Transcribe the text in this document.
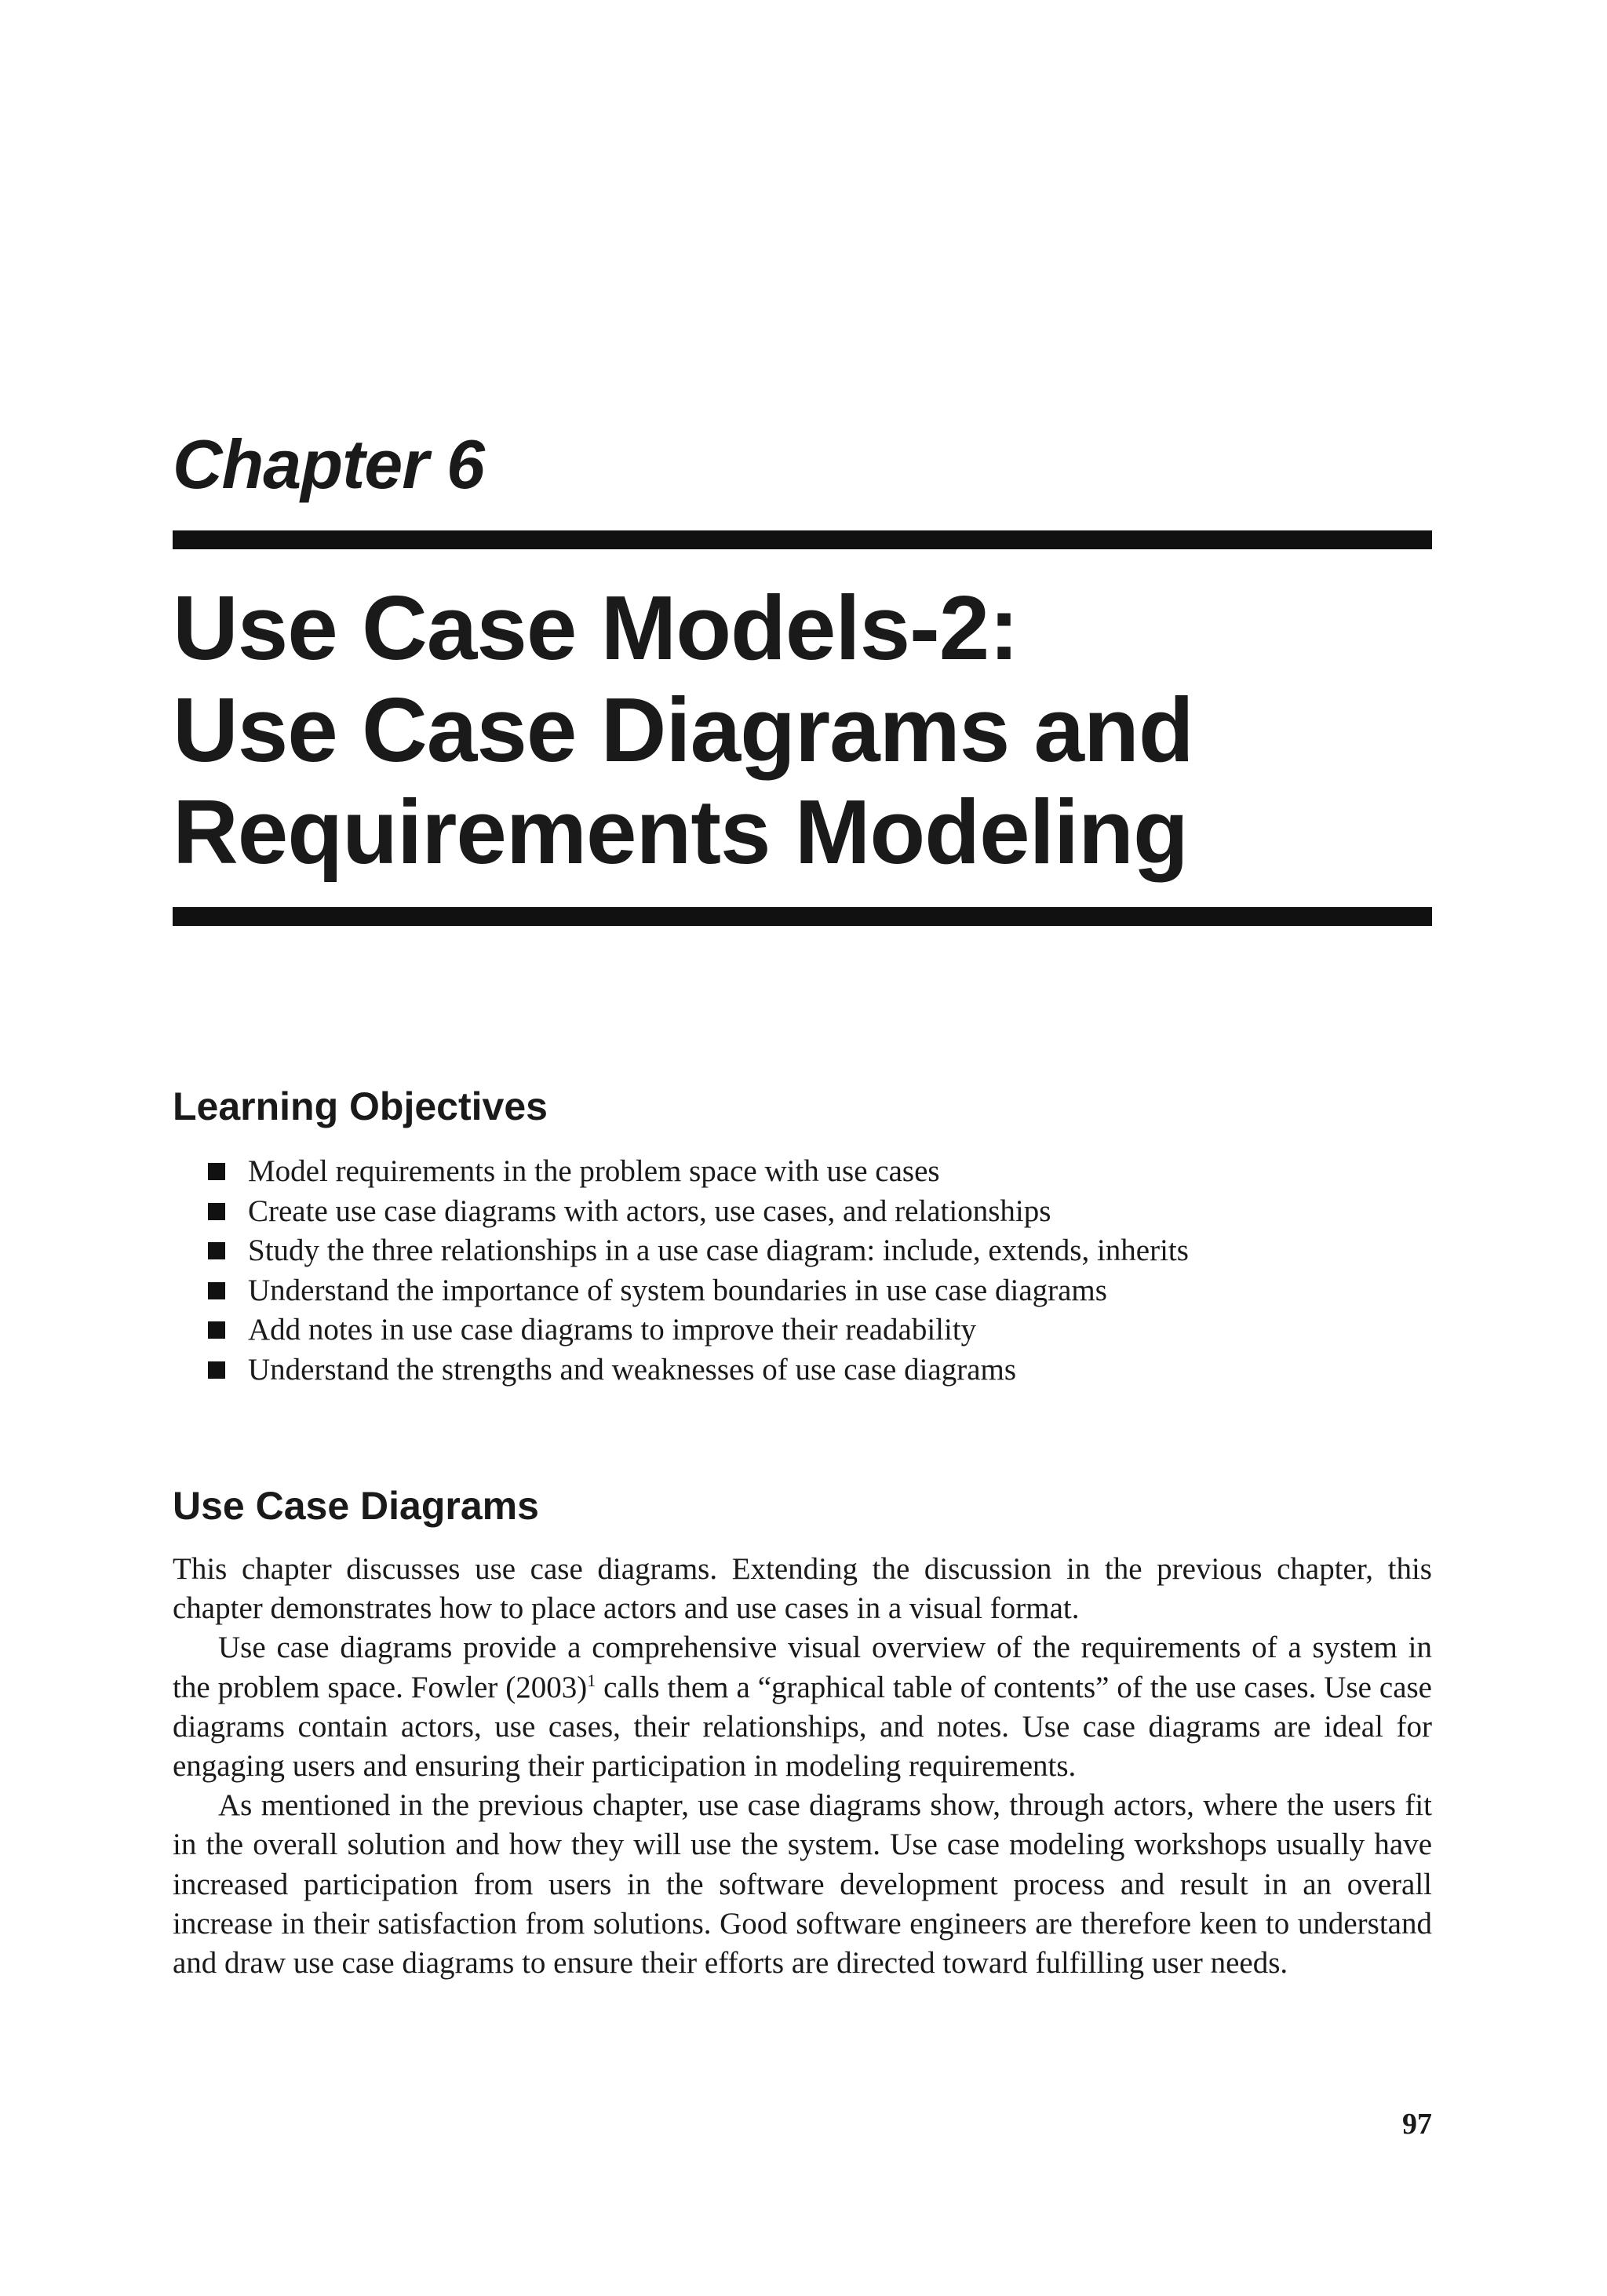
Chapter 6
Use Case Models-2:
Use Case Diagrams and
Requirements Modeling
Learning Objectives
Model requirements in the problem space with use cases
Create use case diagrams with actors, use cases, and relationships
Study the three relationships in a use case diagram: include, extends, inherits
Understand the importance of system boundaries in use case diagrams
Add notes in use case diagrams to improve their readability
Understand the strengths and weaknesses of use case diagrams
Use Case Diagrams

This chapter discusses use case diagrams. Extending the discussion in the previous chapter, this chapter demonstrates how to place actors and use cases in a visual format.

Use case diagrams provide a comprehensive visual overview of the requirements of a system in the problem space. Fowler $(2003)^1$ calls them a “graphical table of contents” of the use cases. Use case diagrams contain actors, use cases, their relationships, and notes. Use case diagrams are ideal for engaging users and ensuring their participation in modeling requirements.

As mentioned in the previous chapter, use case diagrams show, through actors, where the users fit in the overall solution and how they will use the system. Use case modeling workshops usually have increased participation from users in the software development process and result in an overall increase in their satisfaction from solutions. Good software engineers are therefore keen to understand and draw use case diagrams to ensure their efforts are directed toward fulfilling user needs.

97
